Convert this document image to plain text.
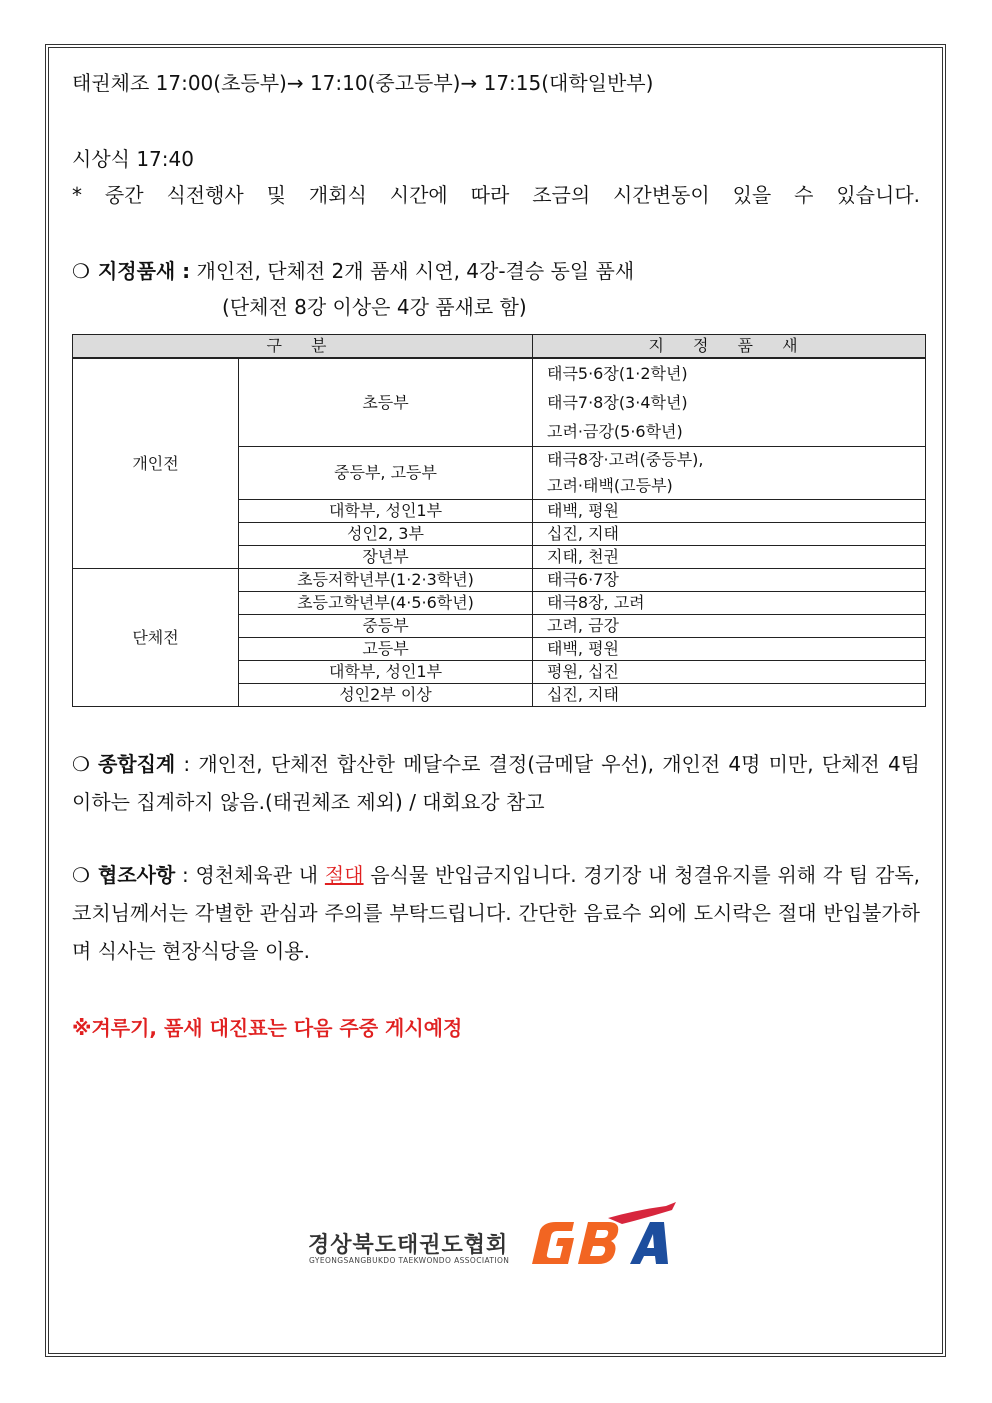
태권체조 17:00(초등부)→ 17:10(중고등부)→ 17:15(대학일반부)
시상식 17:40
* 중간 식전행사 및 개회식 시간에 따라 조금의 시간변동이 있을 수 있습니다.
❍ 지정품새 : 개인전, 단체전 2개 품새 시연, 4강-결승 동일 품새
(단체전 8강 이상은 4강 품새로 함)
구 분		지 정 품 새
개인전	초등부	태극5·6장(1·2학년)
태극7·8장(3·4학년)
고려·금강(5·6학년)

	중등부, 고등부	태극8장·고려(중등부),
고려·태백(고등부)

	대학부, 성인1부	태백, 평원
	성인2, 3부	십진, 지태
	장년부	지태, 천권
단체전	초등저학년부(1·2·3학년)	태극6·7장
	초등고학년부(4·5·6학년)	태극8장, 고려
	중등부	고려, 금강
	고등부	태백, 평원
	대학부, 성인1부	평원, 십진
	성인2부 이상	십진, 지태
❍ 종합집계 : 개인전, 단체전 합산한 메달수로 결정(금메달 우선), 개인전 4명 미만, 단체전 4팀 이하는 집계하지 않음.(태권체조 제외) / 대회요강 참고
❍ 협조사항 : 영천체육관 내 절대 음식물 반입금지입니다. 경기장 내 청결유지를 위해 각 팀 감독, 코치님께서는 각별한 관심과 주의를 부탁드립니다. 간단한 음료수 외에 도시락은 절대 반입불가하며 식사는 현장식당을 이용.
※겨루기, 품새 대진표는 다음 주중 게시예정
경상북도태권도협회
GYEONGSANGBUKDO TAEKWONDO ASSOCIATION
